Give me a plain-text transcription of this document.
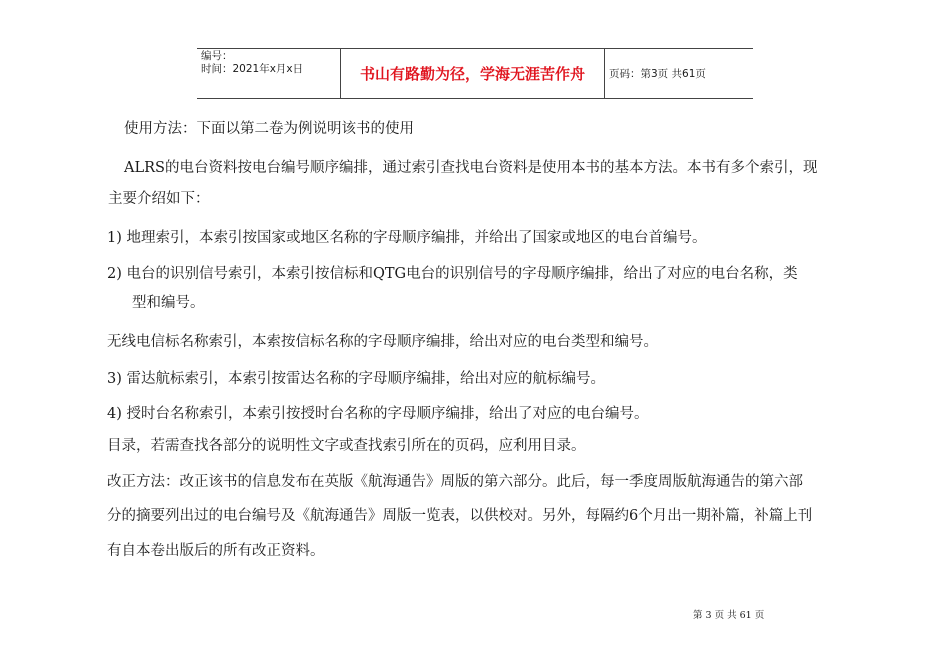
编号：
时间：2021年x月x日	书山有路勤为径，学海无涯苦作舟	页码：第3页 共61页
使用方法：下面以第二卷为例说明该书的使用
ALRS的电台资料按电台编号顺序编排，通过索引查找电台资料是使用本书的基本方法。本书有多个索引，现
主要介绍如下：
1) 地理索引，本索引按国家或地区名称的字母顺序编排，并给出了国家或地区的电台首编号。
2) 电台的识别信号索引，本索引按信标和QTG电台的识别信号的字母顺序编排，给出了对应的电台名称，类
型和编号。
无线电信标名称索引，本索按信标名称的字母顺序编排，给出对应的电台类型和编号。
3) 雷达航标索引，本索引按雷达名称的字母顺序编排，给出对应的航标编号。
4) 授时台名称索引，本索引按授时台名称的字母顺序编排，给出了对应的电台编号。
目录，若需查找各部分的说明性文字或查找索引所在的页码，应利用目录。
改正方法：改正该书的信息发布在英版《航海通告》周版的第六部分。此后，每一季度周版航海通告的第六部
分的摘要列出过的电台编号及《航海通告》周版一览表，以供校对。另外，每隔约6个月出一期补篇，补篇上刊
有自本卷出版后的所有改正资料。
第 3 页 共 61 页
